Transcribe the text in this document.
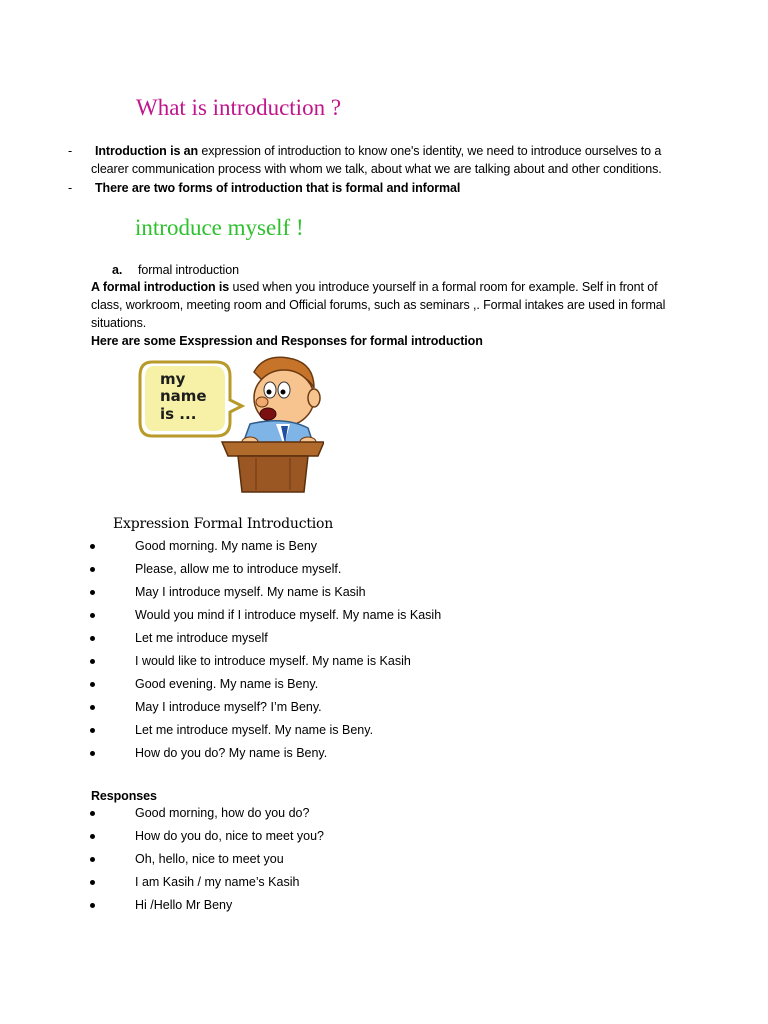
What is introduction ?
-	Introduction is an expression of introduction to know one's identity, we need to introduce ourselves to a clearer communication process with whom we talk, about what we are talking about and other conditions.
- There are two forms of introduction that is formal and informal
introduce myself !
a. formal introduction
A formal introduction is used when you introduce yourself in a formal room for example. Self in front of class, workroom, meeting room and Official forums, such as seminars ,. Formal intakes are used in formal situations.
Here are some Exspression and Responses for formal introduction
my
name
is ...
Expression Formal Introduction
Good morning. My name is Beny
Please, allow me to introduce myself.
May I introduce myself. My name is Kasih
Would you mind if I introduce myself. My name is Kasih
Let me introduce myself
I would like to introduce myself. My name is Kasih
Good evening. My name is Beny.
May I introduce myself? I’m Beny.
Let me introduce myself. My name is Beny.
How do you do? My name is Beny.
Responses
Good morning, how do you do?
How do you do, nice to meet you?
Oh, hello, nice to meet you
I am Kasih / my name’s Kasih
Hi /Hello Mr Beny
